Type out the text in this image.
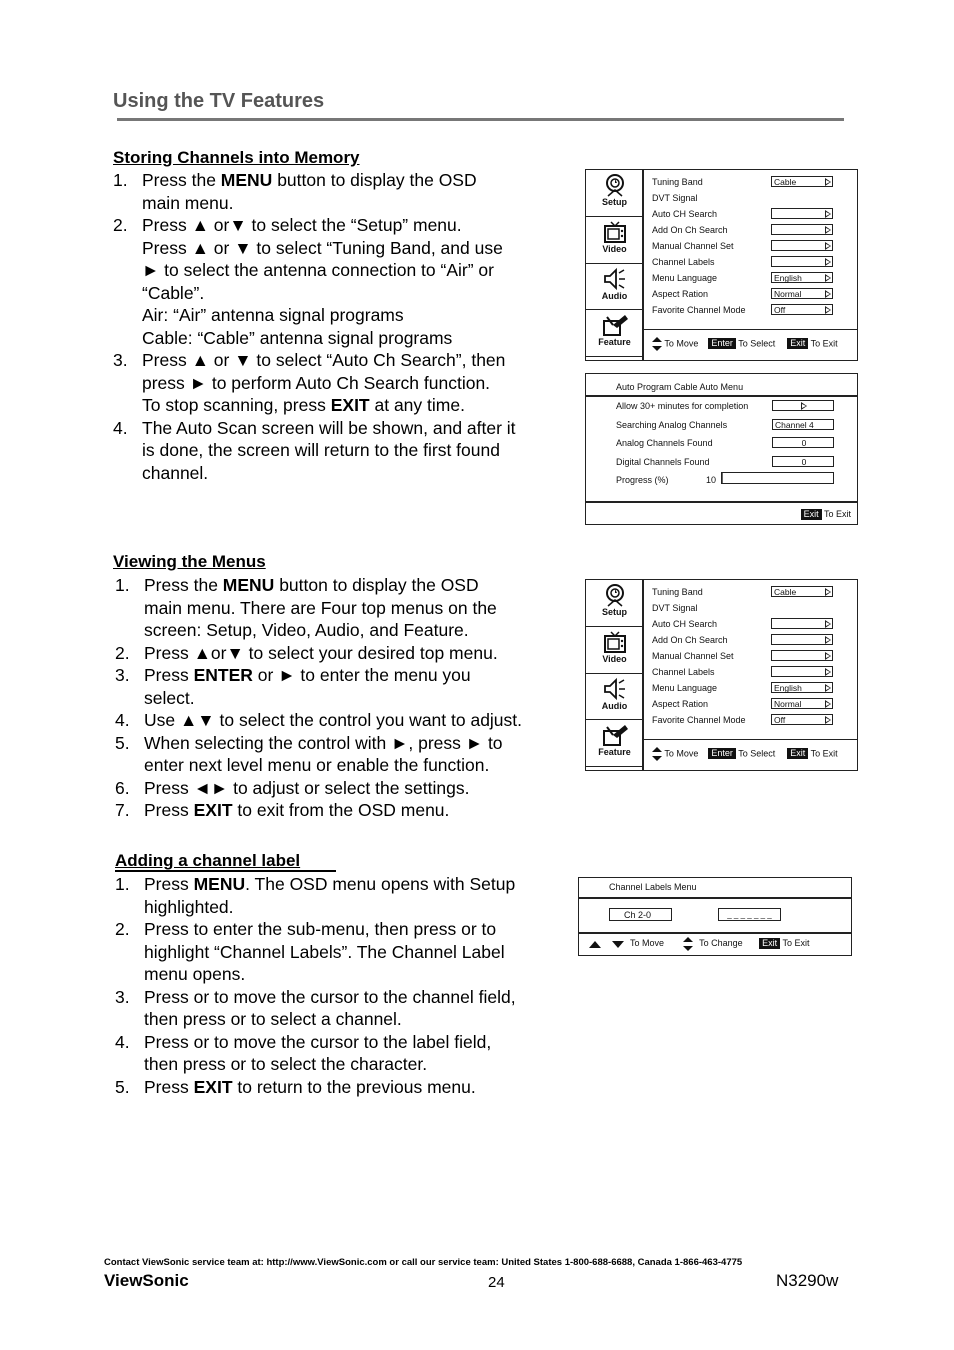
Using the TV Features
Storing Channels into Memory
1. Press the MENU button to display the OSD

main menu.

2. Press ▲ or▼ to select the “Setup” menu.

Press ▲ or ▼ to select “Tuning Band, and use

► to select the antenna connection to “Air” or

“Cable”.

Air: “Air” antenna signal programs

Cable: “Cable” antenna signal programs

3. Press ▲ or ▼ to select “Auto Ch Search”, then

press ► to perform Auto Ch Search function.

To stop scanning, press EXIT at any time.

4. The Auto Scan screen will be shown, and after it

is done, the screen will return to the first found

channel.

Viewing the Menus
1. Press the MENU button to display the OSD

main menu. There are Four top menus on the

screen: Setup, Video, Audio, and Feature.

2. Press ▲or▼ to select your desired top menu.

3. Press ENTER or ► to enter the menu you

select.

4. Use ▲▼ to select the control you want to adjust.

5. When selecting the control with ►, press ► to

enter next level menu or enable the function.

6. Press ◄► to adjust or select the settings.

7. Press EXIT to exit from the OSD menu.

Adding a channel label
1. Press MENU. The OSD menu opens with Setup

highlighted.

2. Press to enter the sub-menu, then press or to

highlight “Channel Labels”. The Channel Label

menu opens.

3. Press or to move the cursor to the channel field,

then press or to select a channel.

4. Press or to move the cursor to the label field,

then press or to select the character.

5. Press EXIT to return to the previous menu.

Setup
Video
Audio
Feature
Tuning Band	Cable
DVT Signal
Auto CH Search
Add On Ch Search
Manual Channel Set
Channel Labels
Menu Language	English
Aspect Ration	Normal
Favorite Channel Mode	Off
To Move Enter To Select Exit To Exit
Auto Program Cable Auto Menu
Allow 30+ minutes for completion
Searching Analog Channels	Channel 4
Analog Channels Found	0
Digital Channels Found	0
Progress (%)	10
Exit To Exit
Setup
Video
Audio
Feature
Tuning Band	Cable
DVT Signal
Auto CH Search
Add On Ch Search
Manual Channel Set
Channel Labels
Menu Language	English
Aspect Ration	Normal
Favorite Channel Mode	Off
To Move Enter To Select Exit To Exit
Channel Labels Menu
Ch 2-0	_ _ _ _ _ _ _
To Move	To Change Exit To Exit
Contact ViewSonic service team at: http://www.ViewSonic.com or call our service team: United States 1-800-688-6688, Canada 1-866-463-4775
ViewSonic	24	N3290w
